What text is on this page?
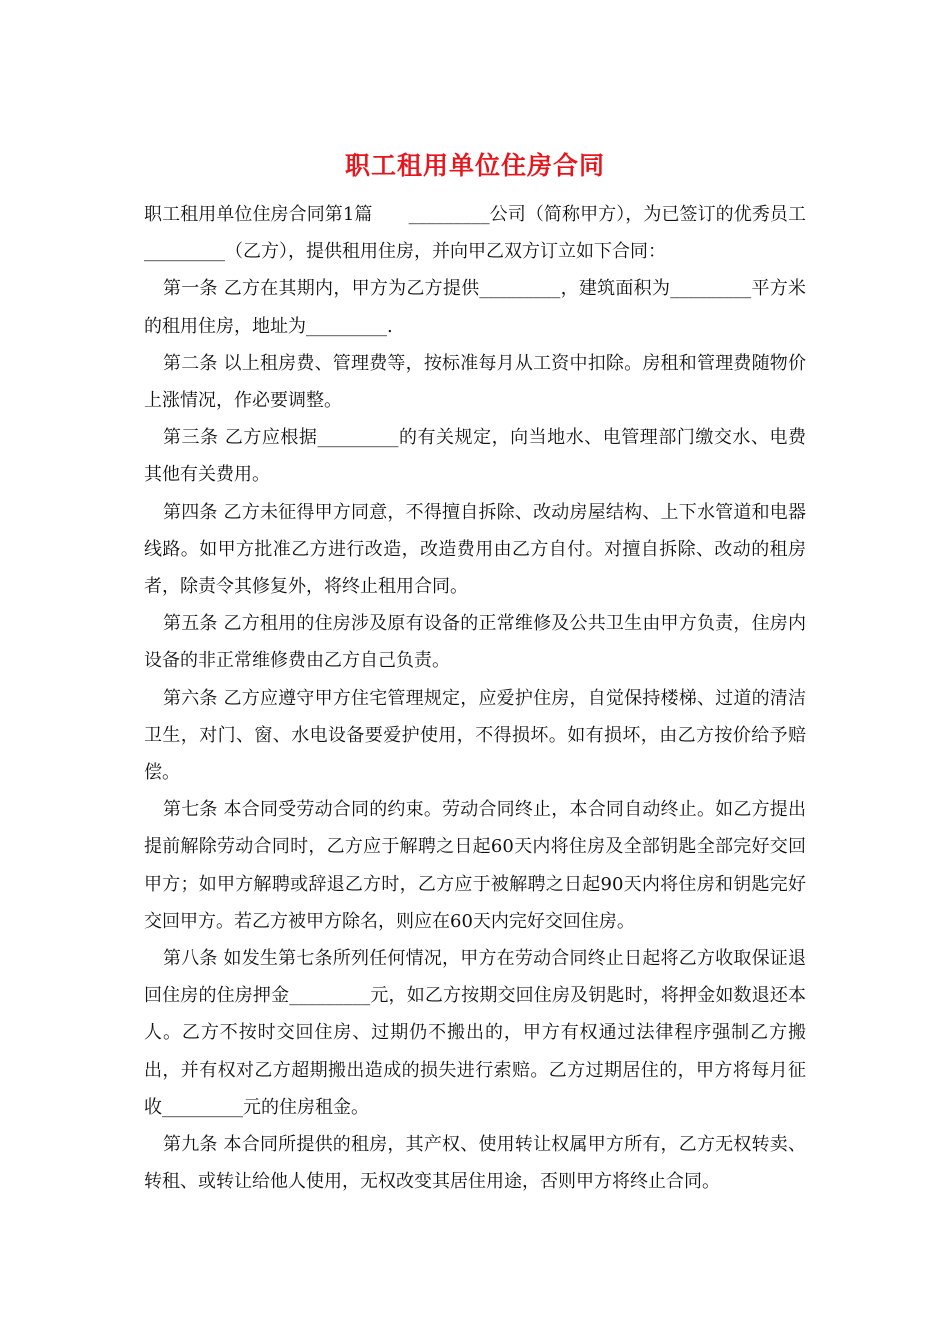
职工租用单位住房合同

职工租用单位住房合同第1篇　　_________公司（简称甲方），为已签订的优秀员工_________（乙方），提供租用住房，并向甲乙双方订立如下合同：

第一条 乙方在其期内，甲方为乙方提供_________，建筑面积为_________平方米的租用住房，地址为_________.

第二条 以上租房费、管理费等，按标准每月从工资中扣除。房租和管理费随物价上涨情况，作必要调整。

第三条 乙方应根据_________的有关规定，向当地水、电管理部门缴交水、电费其他有关费用。

第四条 乙方未征得甲方同意，不得擅自拆除、改动房屋结构、上下水管道和电器线路。如甲方批准乙方进行改造，改造费用由乙方自付。对擅自拆除、改动的租房者，除责令其修复外，将终止租用合同。

第五条 乙方租用的住房涉及原有设备的正常维修及公共卫生由甲方负责，住房内设备的非正常维修费由乙方自己负责。

第六条 乙方应遵守甲方住宅管理规定，应爱护住房，自觉保持楼梯、过道的清洁卫生，对门、窗、水电设备要爱护使用，不得损坏。如有损坏，由乙方按价给予赔偿。

第七条 本合同受劳动合同的约束。劳动合同终止，本合同自动终止。如乙方提出提前解除劳动合同时，乙方应于解聘之日起60天内将住房及全部钥匙全部完好交回甲方；如甲方解聘或辞退乙方时，乙方应于被解聘之日起90天内将住房和钥匙完好交回甲方。若乙方被甲方除名，则应在60天内完好交回住房。

第八条 如发生第七条所列任何情况，甲方在劳动合同终止日起将乙方收取保证退回住房的住房押金_________元，如乙方按期交回住房及钥匙时，将押金如数退还本人。乙方不按时交回住房、过期仍不搬出的，甲方有权通过法律程序强制乙方搬出，并有权对乙方超期搬出造成的损失进行索赔。乙方过期居住的，甲方将每月征收_________元的住房租金。

第九条 本合同所提供的租房，其产权、使用转让权属甲方所有，乙方无权转卖、转租、或转让给他人使用，无权改变其居住用途，否则甲方将终止合同。
